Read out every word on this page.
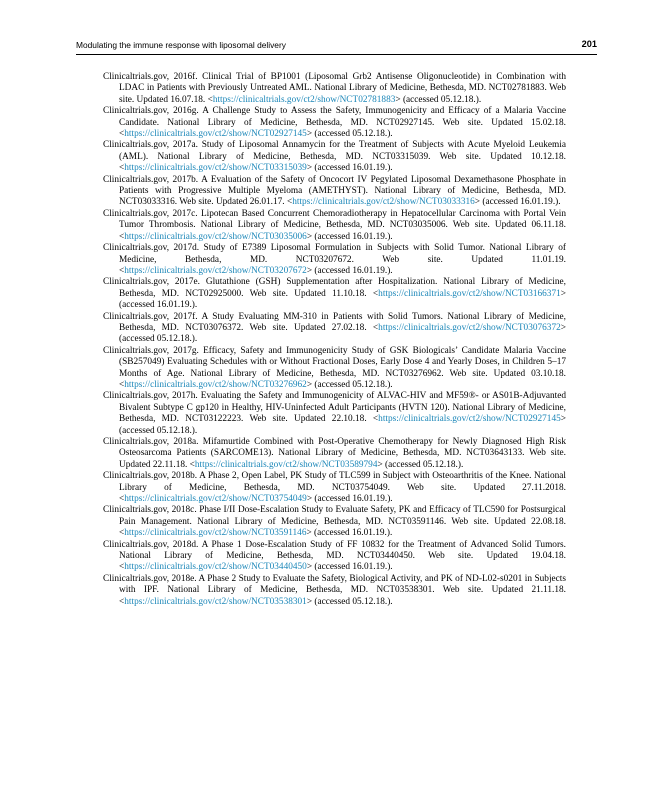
Modulating the immune response with liposomal delivery	201

Clinicaltrials.gov, 2016f. Clinical Trial of BP1001 (Liposomal Grb2 Antisense Oligonucleotide) in Combination with LDAC in Patients with Previously Untreated AML. National Library of Medicine, Bethesda, MD. NCT02781883. Web site. Updated 16.07.18. <https://clinicaltrials.gov/ct2/show/NCT02781883> (accessed 05.12.18.).

Clinicaltrials.gov, 2016g. A Challenge Study to Assess the Safety, Immunogenicity and Efficacy of a Malaria Vaccine Candidate. National Library of Medicine, Bethesda, MD. NCT02927145. Web site. Updated 15.02.18. <https://clinicaltrials.gov/ct2/show/NCT02927145> (accessed 05.12.18.).

Clinicaltrials.gov, 2017a. Study of Liposomal Annamycin for the Treatment of Subjects with Acute Myeloid Leukemia (AML). National Library of Medicine, Bethesda, MD. NCT03315039. Web site. Updated 10.12.18. <https://clinicaltrials.gov/ct2/show/NCT03315039> (accessed 16.01.19.).

Clinicaltrials.gov, 2017b. A Evaluation of the Safety of Oncocort IV Pegylated Liposomal Dexamethasone Phosphate in Patients with Progressive Multiple Myeloma (AMETHYST). National Library of Medicine, Bethesda, MD. NCT03033316. Web site. Updated 26.01.17. <https://clinicaltrials.gov/ct2/show/NCT03033316> (accessed 16.01.19.).

Clinicaltrials.gov, 2017c. Lipotecan Based Concurrent Chemoradiotherapy in Hepatocellular Carcinoma with Portal Vein Tumor Thrombosis. National Library of Medicine, Bethesda, MD. NCT03035006. Web site. Updated 06.11.18. <https://clinicaltrials.gov/ct2/show/NCT03035006> (accessed 16.01.19.).

Clinicaltrials.gov, 2017d. Study of E7389 Liposomal Formulation in Subjects with Solid Tumor. National Library of Medicine, Bethesda, MD. NCT03207672. Web site. Updated 11.01.19. <https://clinicaltrials.gov/ct2/show/NCT03207672> (accessed 16.01.19.).

Clinicaltrials.gov, 2017e. Glutathione (GSH) Supplementation after Hospitalization. National Library of Medicine, Bethesda, MD. NCT02925000. Web site. Updated 11.10.18. <https://clinicaltrials.gov/ct2/show/NCT03166371> (accessed 16.01.19.).

Clinicaltrials.gov, 2017f. A Study Evaluating MM-310 in Patients with Solid Tumors. National Library of Medicine, Bethesda, MD. NCT03076372. Web site. Updated 27.02.18. <https://clinicaltrials.gov/ct2/show/NCT03076372> (accessed 05.12.18.).

Clinicaltrials.gov, 2017g. Efficacy, Safety and Immunogenicity Study of GSK Biologicals’ Candidate Malaria Vaccine (SB257049) Evaluating Schedules with or Without Fractional Doses, Early Dose 4 and Yearly Doses, in Children 5–17 Months of Age. National Library of Medicine, Bethesda, MD. NCT03276962. Web site. Updated 03.10.18. <https://clinicaltrials.gov/ct2/show/NCT03276962> (accessed 05.12.18.).

Clinicaltrials.gov, 2017h. Evaluating the Safety and Immunogenicity of ALVAC-HIV and MF59®- or AS01B-Adjuvanted Bivalent Subtype C gp120 in Healthy, HIV-Uninfected Adult Participants (HVTN 120). National Library of Medicine, Bethesda, MD. NCT03122223. Web site. Updated 22.10.18. <https://clinicaltrials.gov/ct2/show/NCT02927145> (accessed 05.12.18.).

Clinicaltrials.gov, 2018a. Mifamurtide Combined with Post-Operative Chemotherapy for Newly Diagnosed High Risk Osteosarcoma Patients (SARCOME13). National Library of Medicine, Bethesda, MD. NCT03643133. Web site. Updated 22.11.18. <https://clinicaltrials.gov/ct2/show/NCT03589794> (accessed 05.12.18.).

Clinicaltrials.gov, 2018b. A Phase 2, Open Label, PK Study of TLC599 in Subject with Osteoarthritis of the Knee. National Library of Medicine, Bethesda, MD. NCT03754049. Web site. Updated 27.11.2018. <https://clinicaltrials.gov/ct2/show/NCT03754049> (accessed 16.01.19.).

Clinicaltrials.gov, 2018c. Phase I/II Dose-Escalation Study to Evaluate Safety, PK and Efficacy of TLC590 for Postsurgical Pain Management. National Library of Medicine, Bethesda, MD. NCT03591146. Web site. Updated 22.08.18. <https://clinicaltrials.gov/ct2/show/NCT03591146> (accessed 16.01.19.).

Clinicaltrials.gov, 2018d. A Phase 1 Dose-Escalation Study of FF 10832 for the Treatment of Advanced Solid Tumors. National Library of Medicine, Bethesda, MD. NCT03440450. Web site. Updated 19.04.18. <https://clinicaltrials.gov/ct2/show/NCT03440450> (accessed 16.01.19.).

Clinicaltrials.gov, 2018e. A Phase 2 Study to Evaluate the Safety, Biological Activity, and PK of ND-L02-s0201 in Subjects with IPF. National Library of Medicine, Bethesda, MD. NCT03538301. Web site. Updated 21.11.18. <https://clinicaltrials.gov/ct2/show/NCT03538301> (accessed 05.12.18.).
